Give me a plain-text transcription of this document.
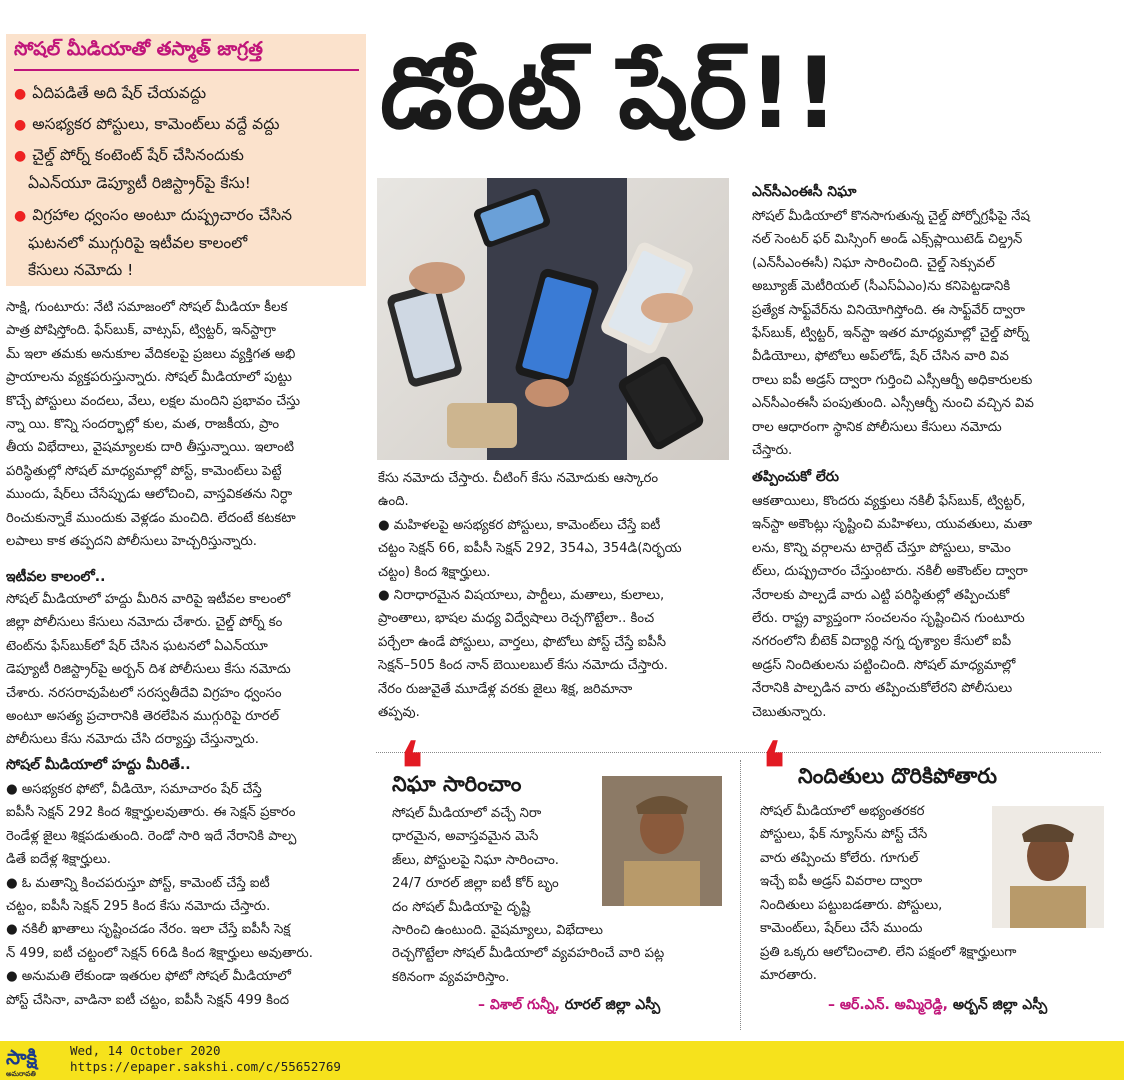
సోషల్ మీడియాతో తస్మాత్ జాగ్రత్త
● ఏదిపడితే అది షేర్ చేయవద్దు
● అసభ్యకర పోస్టులు, కామెంట్‌లు వద్దే వద్దు
● చైల్డ్ పోర్న్ కంటెంట్ షేర్ చేసినందుకు
ఏఎన్‌యూ డెప్యూటీ రిజిస్ట్రార్‌పై కేసు!
● విగ్రహాల ధ్వంసం అంటూ దుష్ప్రచారం చేసిన
ఘటనలో ముగ్గురిపై ఇటీవల కాలంలో
కేసులు నమోదు !
డోంట్ షేర్!!
సాక్షి, గుంటూరు: నేటి సమాజంలో సోషల్ మీడియా కీలక
పాత్ర పోషిస్తోంది. ఫేస్‌బుక్, వాట్సప్, ట్విట్టర్, ఇన్‌స్టాగ్రా
మ్ ఇలా తమకు అనుకూల వేదికలపై ప్రజలు వ్యక్తిగత అభి
ప్రాయాలను వ్యక్తపరుస్తున్నారు. సోషల్ మీడియాలో పుట్టు
కొచ్చే పోస్టులు వందలు, వేలు, లక్షల మందిని ప్రభావం చేస్తు
న్నా యి. కొన్ని సందర్భాల్లో కుల, మత, రాజకీయ, ప్రాం
తీయ విభేదాలు, వైషమ్యాలకు దారి తీస్తున్నాయి. ఇలాంటి
పరిస్థితుల్లో సోషల్ మాధ్యమాల్లో పోస్ట్, కామెంట్‌లు పెట్టే
ముందు, షేర్‌లు చేసేప్పుడు ఆలోచించి, వాస్తవికతను నిర్ధా
రించుకున్నాకే ముందుకు వెళ్లడం మంచిది. లేదంటే కటకటా
లపాలు కాక తప్పదని పోలీసులు హెచ్చరిస్తున్నారు.
ఇటీవల కాలంలో..
సోషల్ మీడియాలో హద్దు మీరిన వారిపై ఇటీవల కాలంలో
జిల్లా పోలీసులు కేసులు నమోదు చేశారు. చైల్డ్ పోర్న్ కం
టెంట్‌ను ఫేస్‌బుక్‌లో షేర్ చేసిన ఘటనలో ఏఎన్‌యూ
డెప్యూటీ రిజిస్ట్రార్‌పై అర్బన్ దిశ పోలీసులు కేసు నమోదు
చేశారు. నరసరావుపేటలో సరస్వతీదేవి విగ్రహం ధ్వంసం
అంటూ అసత్య ప్రచారానికి తెరలేపిన ముగ్గురిపై రూరల్
పోలీసులు కేసు నమోదు చేసి దర్యాప్తు చేస్తున్నారు.
సోషల్ మీడియాలో హద్దు మీరితే..
● అసభ్యకర ఫోటో, వీడియో, సమాచారం షేర్ చేస్తే
ఐపీసీ సెక్షన్ 292 కింద శిక్షార్హులవుతారు. ఈ సెక్షన్ ప్రకారం
రెండేళ్ల జైలు శిక్షపడుతుంది. రెండో సారి ఇదే నేరానికి పాల్ప
డితే ఐదేళ్ల శిక్షార్హులు.
● ఓ మతాన్ని కించపరుస్తూ పోస్ట్, కామెంట్ చేస్తే ఐటీ
చట్టం, ఐపీసీ సెక్షన్ 295 కింద కేసు నమోదు చేస్తారు.
● నకిలీ ఖాతాలు సృష్టించడం నేరం. ఇలా చేస్తే ఐపీసీ సెక్ష
న్ 499, ఐటీ చట్టంలో సెక్షన్ 66డి కింద శిక్షార్హులు అవుతారు.
● అనుమతి లేకుండా ఇతరుల ఫోటో సోషల్ మీడియాలో
పోస్ట్ చేసినా, వాడినా ఐటీ చట్టం, ఐపీసీ సెక్షన్ 499 కింద
కేసు నమోదు చేస్తారు. చీటింగ్ కేసు నమోదుకు ఆస్కారం
ఉంది.
● మహిళలపై అసభ్యకర పోస్టులు, కామెంట్‌లు చేస్తే ఐటీ
చట్టం సెక్షన్ 66, ఐపీసీ సెక్షన్ 292, 354ఎ, 354డి(నిర్భయ
చట్టం) కింద శిక్షార్హులు.
● నిరాధారమైన విషయాలు, పార్టీలు, మతాలు, కులాలు,
ప్రాంతాలు, భాషల మధ్య విద్వేషాలు రెచ్చగొట్టేలా.. కించ
పర్చేలా ఉండే పోస్టులు, వార్తలు, ఫొటోలు పోస్ట్ చేస్తే ఐపీసీ
సెక్షన్–505 కింద నాన్ బెయిలబుల్ కేసు నమోదు చేస్తారు.
నేరం రుజువైతే మూడేళ్ల వరకు జైలు శిక్ష, జరిమానా
తప్పవు.
ఎన్‌సీఎంఈసీ నిఘా
సోషల్ మీడియాలో కొనసాగుతున్న చైల్డ్ పోర్నోగ్రఫీపై నేష
నల్ సెంటర్ ఫర్ మిస్సింగ్ అండ్ ఎక్స్‌ప్లాయిటెడ్ చిల్డ్రన్
(ఎన్‌సీఎంఈసీ) నిఘా సారించింది. చైల్డ్ సెక్సువల్
అబ్యూజ్ మెటీరియల్ (సీఎస్ఏఎం)ను కనిపెట్టడానికి
ప్రత్యేక సాఫ్ట్‌వేర్‌ను వినియోగిస్తోంది. ఈ సాఫ్ట్‌వేర్ ద్వారా
ఫేస్‌బుక్, ట్విట్టర్, ఇన్‌స్టా ఇతర మాధ్యమాల్లో చైల్డ్ పోర్న్
వీడియోలు, ఫోటోలు అప్‌లోడ్, షేర్ చేసిన వారి వివ
రాలు ఐపీ అడ్రస్ ద్వారా గుర్తించి ఎస్సీఆర్బీ అధికారులకు
ఎన్‌సీఎంఈసీ పంపుతుంది. ఎస్సీఆర్బీ నుంచి వచ్చిన వివ
రాల ఆధారంగా స్థానిక పోలీసులు కేసులు నమోదు
చేస్తారు.
తప్పించుకో లేరు
ఆకతాయిలు, కొందరు వ్యక్తులు నకిలీ ఫేస్‌బుక్, ట్విట్టర్,
ఇన్‌స్టా అకౌంట్లు సృష్టించి మహిళలు, యువతులు, మతా
లను, కొన్ని వర్గాలను టార్గెట్ చేస్తూ పోస్టులు, కామెం
ట్‌లు, దుష్ప్రచారం చేస్తుంటారు. నకిలీ అకౌంట్‌ల ద్వారా
నేరాలకు పాల్పడే వారు ఎట్టి పరిస్థితుల్లో తప్పించుకో
లేరు. రాష్ట్ర వ్యాప్తంగా సంచలనం సృష్టించిన గుంటూరు
నగరంలోని బీటెక్ విద్యార్థి నగ్న దృశ్యాల కేసులో ఐపీ
అడ్రస్ నిందితులను పట్టించింది. సోషల్ మాధ్యమాల్లో
నేరానికి పాల్పడిన వారు తప్పించుకోలేరని పోలీసులు
చెబుతున్నారు.
❛
నిఘా సారించాం
సోషల్ మీడియాలో వచ్చే నిరా
ధారమైన, అవాస్తవమైన మెసే
జ్‌లు, పోస్టులపై నిఘా సారించాం.
24/7 రూరల్ జిల్లా ఐటీ కోర్ బృం
దం సోషల్ మీడియాపై దృష్టి
సారించి ఉంటుంది. వైషమ్యాలు, విభేదాలు
రెచ్చగొట్టేలా సోషల్ మీడియాలో వ్యవహరించే వారి పట్ల
కఠినంగా వ్యవహరిస్తాం.
– విశాల్ గున్నీ, రూరల్ జిల్లా ఎస్పీ
❛ నిందితులు దొరికిపోతారు
సోషల్ మీడియాలో అభ్యంతరకర
పోస్టులు, ఫేక్ న్యూస్‌ను పోస్ట్ చేసే
వారు తప్పించు కోలేరు. గూగుల్
ఇచ్చే ఐపీ అడ్రస్ వివరాల ద్వారా
నిందితులు పట్టుబడతారు. పోస్టులు,
కామెంట్‌లు, షేర్‌లు చేసే ముందు
ప్రతి ఒక్కరు ఆలోచించాలి. లేని పక్షంలో శిక్షార్హులుగా
మారతారు.
– ఆర్.ఎన్. అమ్మిరెడ్డి, అర్బన్ జిల్లా ఎస్పీ
సాక్షి
అమరావతి
Wed, 14 October 2020
https://epaper.sakshi.com/c/55652769
